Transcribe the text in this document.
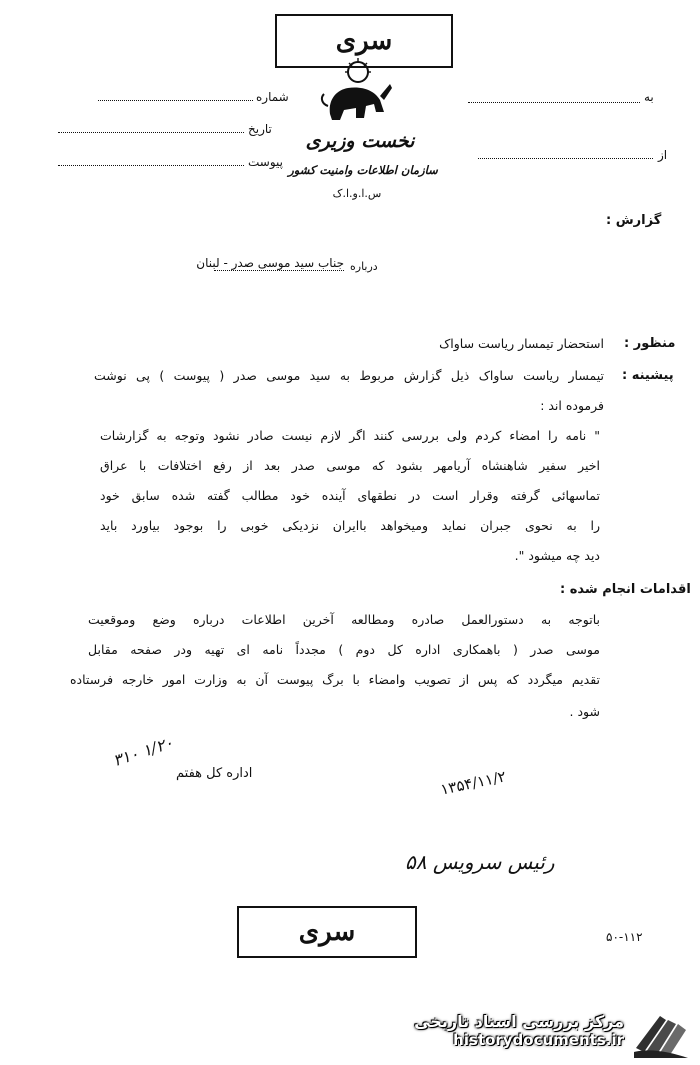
سری
نخست وزیری
سازمان اطلاعات وامنیت کشور
س.ا.و.ا.ک
شماره
تاریخ
پیوست
به
از
گزارش :
جناب سید موسی صدر - لبنان درباره
منظور :
استحضار تیمسار ریاست ساواک
پیشینه :
تیمسار ریاست ساواک ذیل گزارش مربوط به سید موسی صدر ( پیوست ) پی نوشت
فرموده اند :
" نامه را امضاء کردم ولی بررسی کنند اگر لازم نیست صادر نشود وتوجه به گزارشات
اخیر سفیر شاهنشاه آریامهر بشود که موسی صدر بعد از رفع اختلافات با عراق
تماسهائی گرفته وقرار است در نطقهای آینده خود مطالب گفته شده سابق خود
را به نحوی جبران نماید ومیخواهد باایران نزدیکی خوبی را بوجود بیاورد باید
دید چه میشود ".
اقدامات انجام شده :
باتوجه به دستورالعمل صادره ومطالعه آخرین اطلاعات درباره وضع وموقعیت
موسی صدر ( باهمکاری اداره کل دوم ) مجدداً نامه ای تهیه ودر صفحه مقابل
تقدیم میگردد که پس از تصویب وامضاء با برگ پیوست آن به وزارت امور خارجه فرستاده
شود .
اداره کل هفتم
۱/۲۰ ۳۱۰
۱۳۵۴/۱۱/۲
رئیس سرویس ۵۸
سری	۵۰-۱۱۲
مرکز بررسی اسناد تاریخی
historydocuments.ir
